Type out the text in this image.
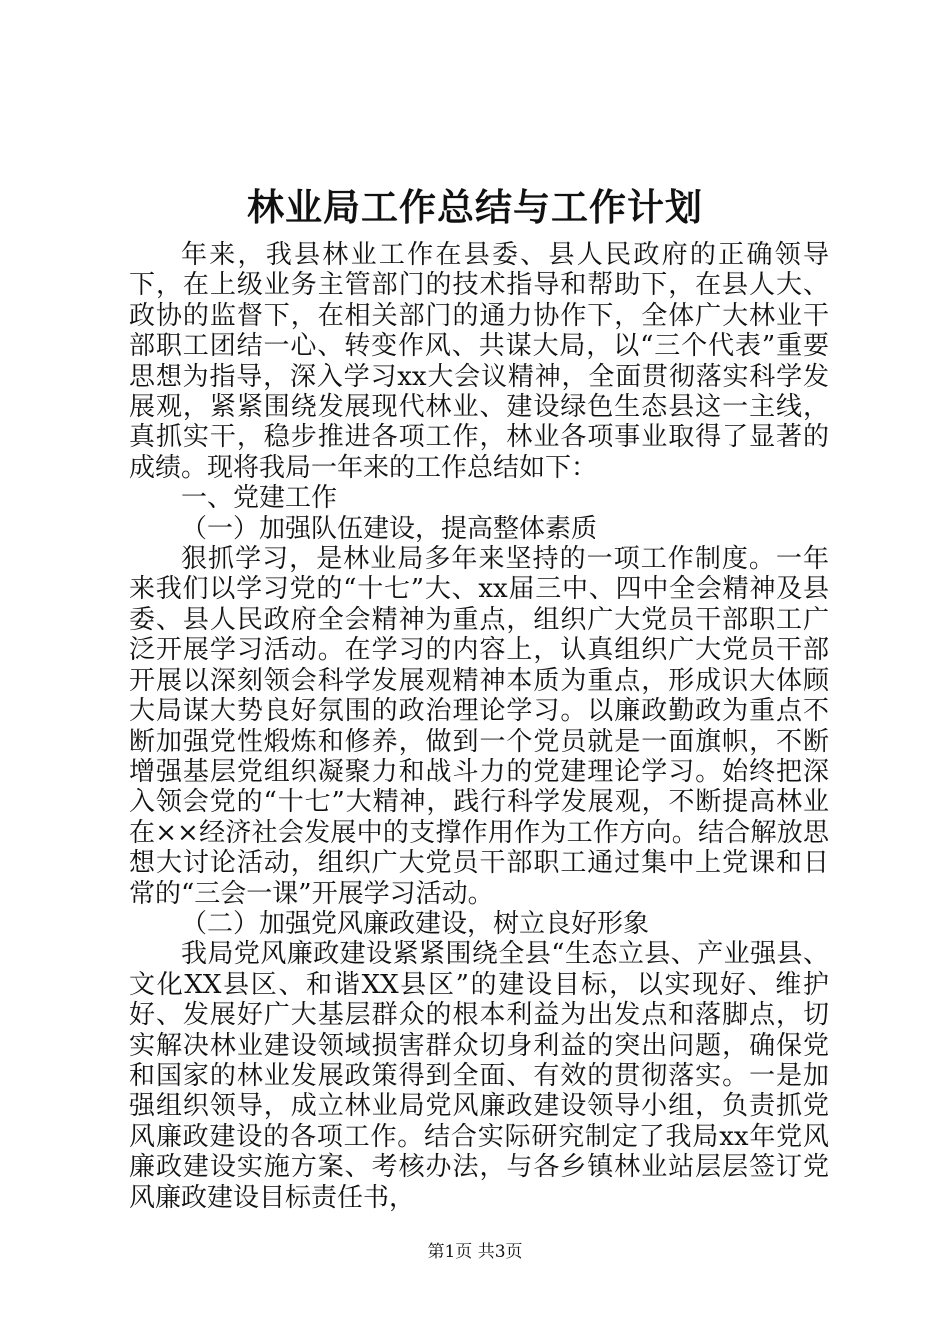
林业局工作总结与工作计划

年来，我县林业工作在县委、县人民政府的正确领导下，在上级业务主管部门的技术指导和帮助下，在县人大、政协的监督下，在相关部门的通力协作下，全体广大林业干部职工团结一心、转变作风、共谋大局，以“三个代表”重要思想为指导，深入学习xx大会议精神，全面贯彻落实科学发展观，紧紧围绕发展现代林业、建设绿色生态县这一主线，真抓实干，稳步推进各项工作，林业各项事业取得了显著的成绩。现将我局一年来的工作总结如下：

一、党建工作

（一）加强队伍建设，提高整体素质

狠抓学习，是林业局多年来坚持的一项工作制度。一年来我们以学习党的“十七”大、xx届三中、四中全会精神及县委、县人民政府全会精神为重点，组织广大党员干部职工广泛开展学习活动。在学习的内容上，认真组织广大党员干部开展以深刻领会科学发展观精神本质为重点，形成识大体顾大局谋大势良好氛围的政治理论学习。以廉政勤政为重点不断加强党性煅炼和修养，做到一个党员就是一面旗帜，不断增强基层党组织凝聚力和战斗力的党建理论学习。始终把深入领会党的“十七”大精神，践行科学发展观，不断提高林业在××经济社会发展中的支撑作用作为工作方向。结合解放思想大讨论活动，组织广大党员干部职工通过集中上党课和日常的“三会一课”开展学习活动。

（二）加强党风廉政建设，树立良好形象

我局党风廉政建设紧紧围绕全县“生态立县、产业强县、文化XX县区、和谐XX县区”的建设目标，以实现好、维护好、发展好广大基层群众的根本利益为出发点和落脚点，切实解决林业建设领域损害群众切身利益的突出问题，确保党和国家的林业发展政策得到全面、有效的贯彻落实。一是加强组织领导，成立林业局党风廉政建设领导小组，负责抓党风廉政建设的各项工作。结合实际研究制定了我局xx年党风廉政建设实施方案、考核办法，与各乡镇林业站层层签订党风廉政建设目标责任书，

第1页 共3页
